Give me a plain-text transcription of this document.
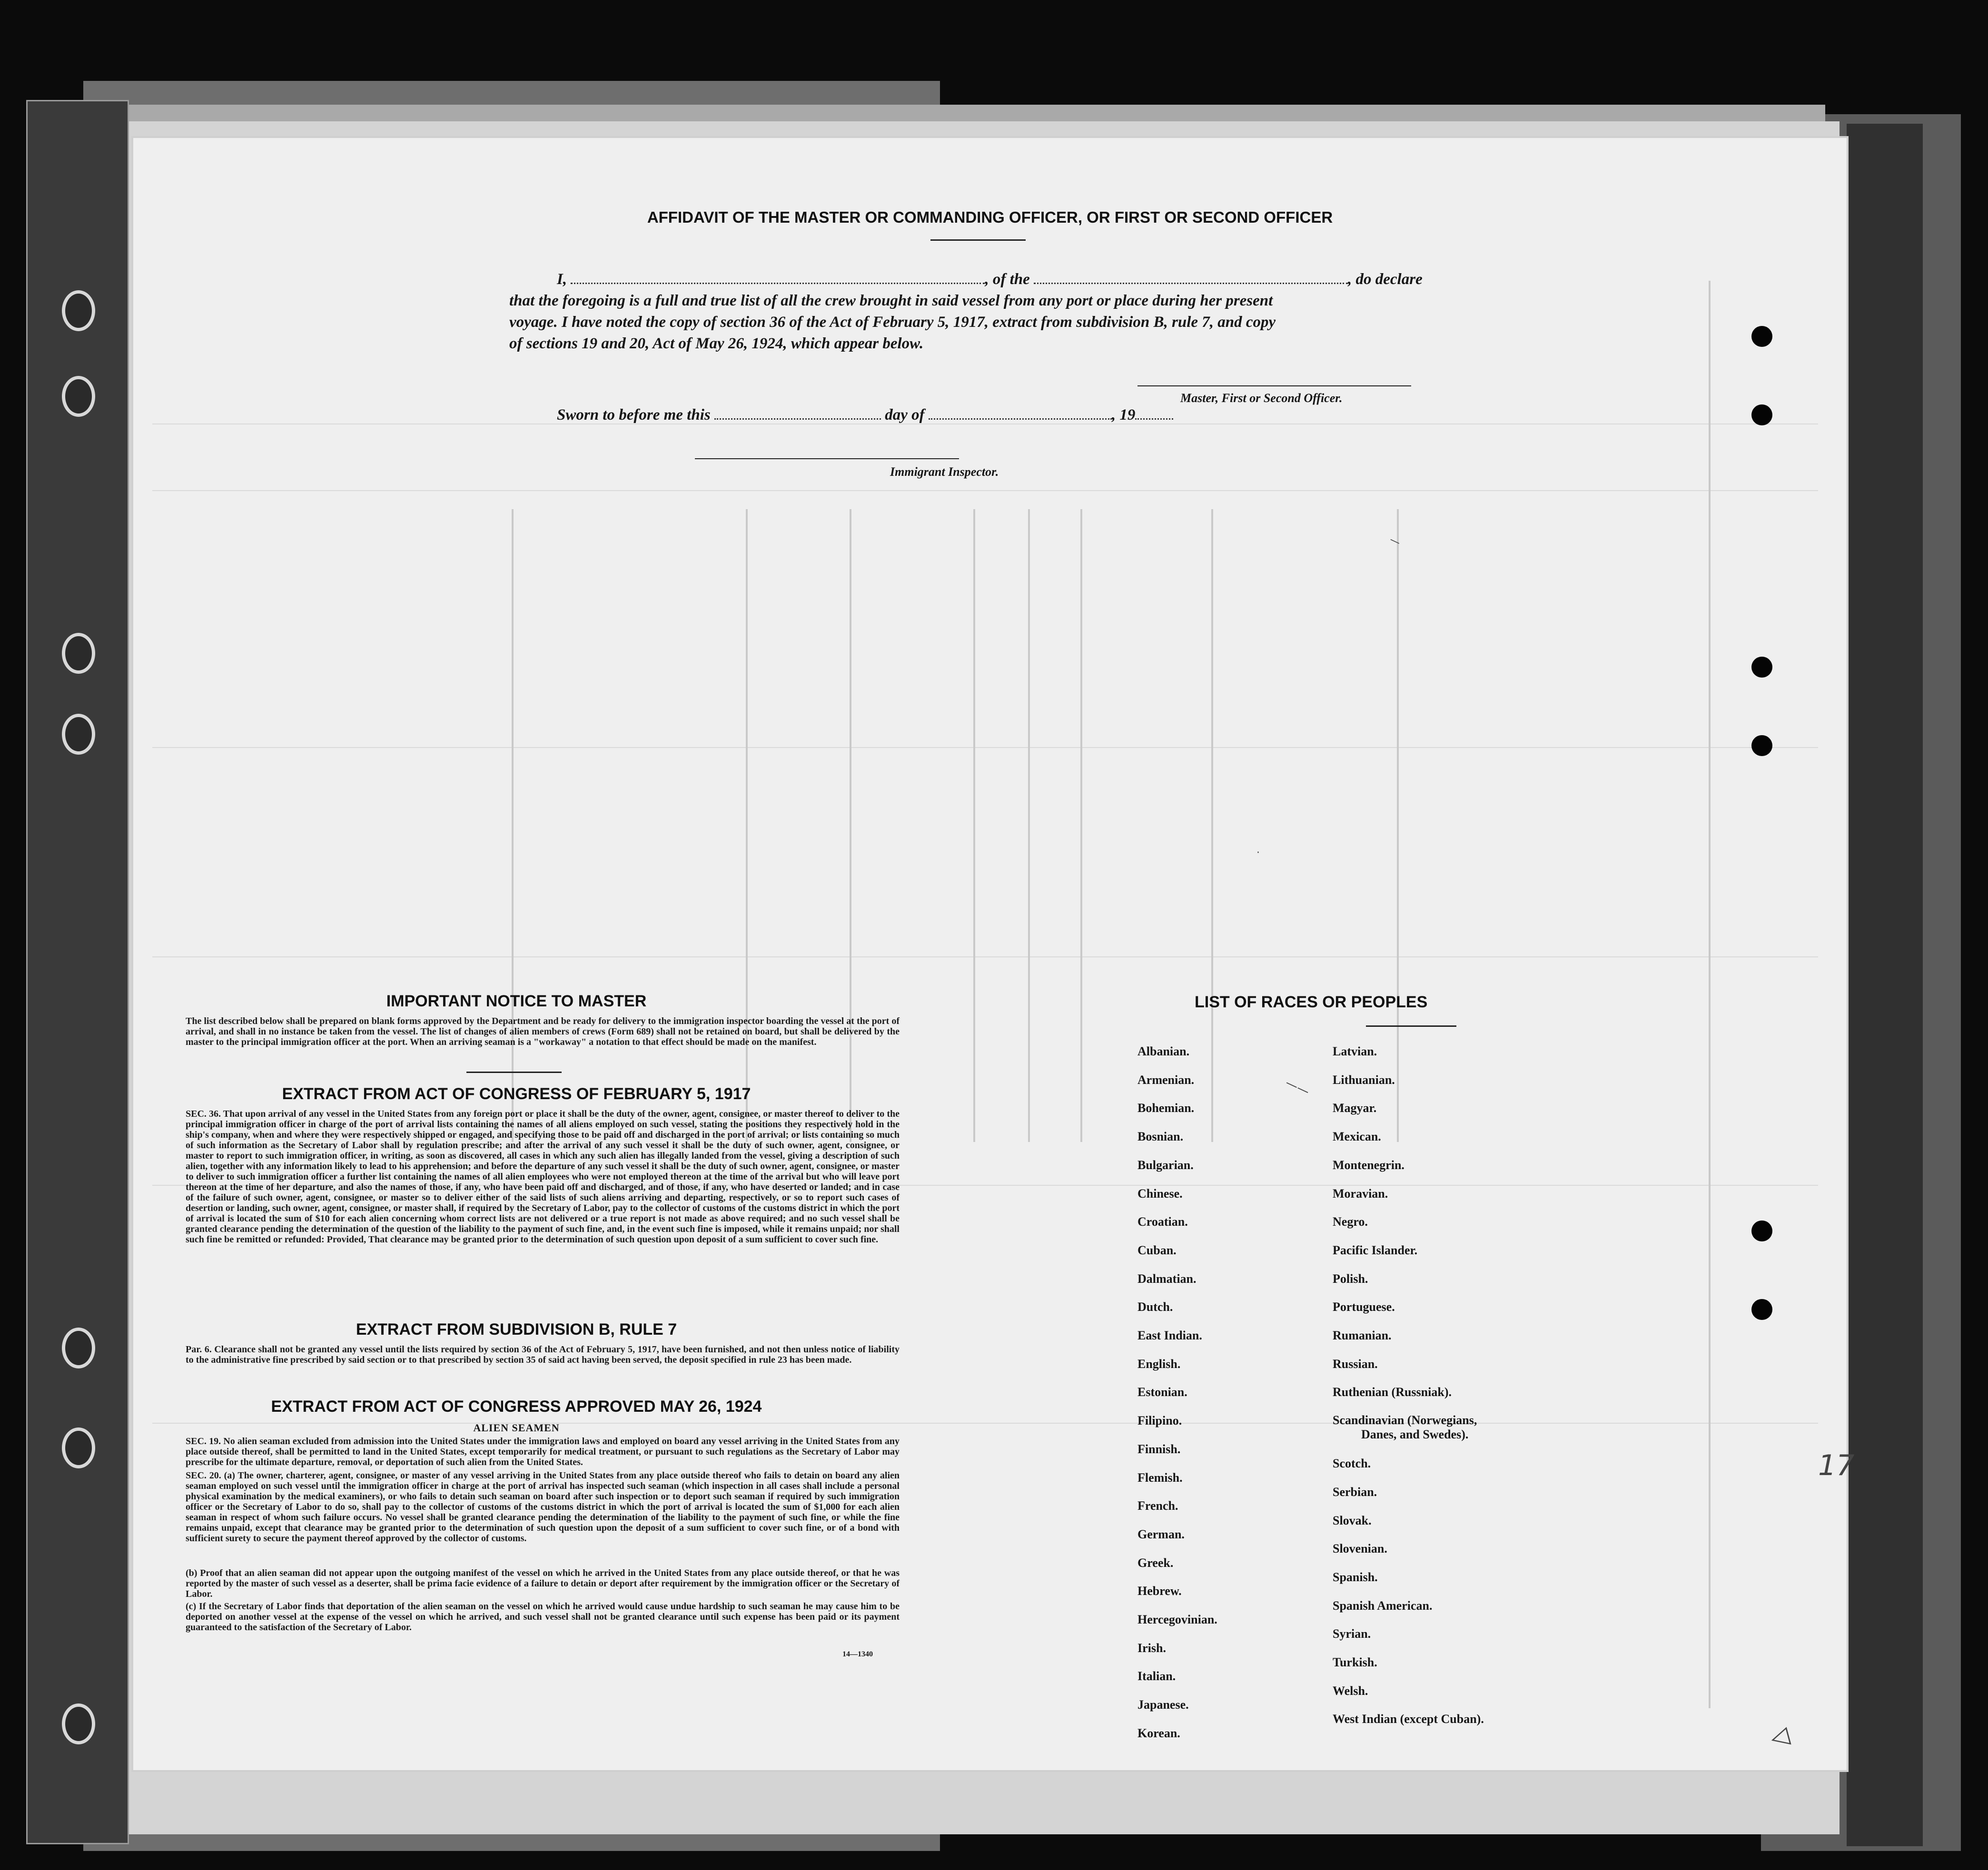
AFFIDAVIT OF THE MASTER OR COMMANDING OFFICER, OR FIRST OR SECOND OFFICER
I,	, of the	, do declare
that the foregoing is a full and true list of all the crew brought in said vessel from any port or place during her present
voyage. I have noted the copy of section 36 of the Act of February 5, 1917, extract from subdivision B, rule 7, and copy
of sections 19 and 20, Act of May 26, 1924, which appear below.
Master, First or Second Officer.
Sworn to before me this	day of	, 19
Immigrant Inspector.
—
·
——
IMPORTANT NOTICE TO MASTER
The list described below shall be prepared on blank forms approved by the Department and be ready for delivery to the immigration inspector boarding the vessel at the port of arrival, and shall in no instance be taken from the vessel. The list of changes of alien members of crews (Form 689) shall not be retained on board, but shall be delivered by the master to the principal immigration officer at the port. When an arriving seaman is a "workaway" a notation to that effect should be made on the manifest.
EXTRACT FROM ACT OF CONGRESS OF FEBRUARY 5, 1917
SEC. 36. That upon arrival of any vessel in the United States from any foreign port or place it shall be the duty of the owner, agent, consignee, or master thereof to deliver to the principal immigration officer in charge of the port of arrival lists containing the names of all aliens employed on such vessel, stating the positions they respectively hold in the ship's company, when and where they were respectively shipped or engaged, and specifying those to be paid off and discharged in the port of arrival; or lists containing so much of such information as the Secretary of Labor shall by regulation prescribe; and after the arrival of any such vessel it shall be the duty of such owner, agent, consignee, or master to report to such immigration officer, in writing, as soon as discovered, all cases in which any such alien has illegally landed from the vessel, giving a description of such alien, together with any information likely to lead to his apprehension; and before the departure of any such vessel it shall be the duty of such owner, agent, consignee, or master to deliver to such immigration officer a further list containing the names of all alien employees who were not employed thereon at the time of the arrival but who will leave port thereon at the time of her departure, and also the names of those, if any, who have been paid off and discharged, and of those, if any, who have deserted or landed; and in case of the failure of such owner, agent, consignee, or master so to deliver either of the said lists of such aliens arriving and departing, respectively, or so to report such cases of desertion or landing, such owner, agent, consignee, or master shall, if required by the Secretary of Labor, pay to the collector of customs of the customs district in which the port of arrival is located the sum of $10 for each alien concerning whom correct lists are not delivered or a true report is not made as above required; and no such vessel shall be granted clearance pending the determination of the question of the liability to the payment of such fine, and, in the event such fine is imposed, while it remains unpaid; nor shall such fine be remitted or refunded: Provided, That clearance may be granted prior to the determination of such question upon deposit of a sum sufficient to cover such fine.
EXTRACT FROM SUBDIVISION B, RULE 7
Par. 6. Clearance shall not be granted any vessel until the lists required by section 36 of the Act of February 5, 1917, have been furnished, and not then unless notice of liability to the administrative fine prescribed by said section or to that prescribed by section 35 of said act having been served, the deposit specified in rule 23 has been made.
EXTRACT FROM ACT OF CONGRESS APPROVED MAY 26, 1924
ALIEN SEAMEN
SEC. 19. No alien seaman excluded from admission into the United States under the immigration laws and employed on board any vessel arriving in the United States from any place outside thereof, shall be permitted to land in the United States, except temporarily for medical treatment, or pursuant to such regulations as the Secretary of Labor may prescribe for the ultimate departure, removal, or deportation of such alien from the United States.
SEC. 20. (a) The owner, charterer, agent, consignee, or master of any vessel arriving in the United States from any place outside thereof who fails to detain on board any alien seaman employed on such vessel until the immigration officer in charge at the port of arrival has inspected such seaman (which inspection in all cases shall include a personal physical examination by the medical examiners), or who fails to detain such seaman on board after such inspection or to deport such seaman if required by such immigration officer or the Secretary of Labor to do so, shall pay to the collector of customs of the customs district in which the port of arrival is located the sum of $1,000 for each alien seaman in respect of whom such failure occurs. No vessel shall be granted clearance pending the determination of the liability to the payment of such fine, or while the fine remains unpaid, except that clearance may be granted prior to the determination of such question upon the deposit of a sum sufficient to cover such fine, or of a bond with sufficient surety to secure the payment thereof approved by the collector of customs.
(b) Proof that an alien seaman did not appear upon the outgoing manifest of the vessel on which he arrived in the United States from any place outside thereof, or that he was reported by the master of such vessel as a deserter, shall be prima facie evidence of a failure to detain or deport after requirement by the immigration officer or the Secretary of Labor.
(c) If the Secretary of Labor finds that deportation of the alien seaman on the vessel on which he arrived would cause undue hardship to such seaman he may cause him to be deported on another vessel at the expense of the vessel on which he arrived, and such vessel shall not be granted clearance until such expense has been paid or its payment guaranteed to the satisfaction of the Secretary of Labor.
14—1340
LIST OF RACES OR PEOPLES
Albanian.
Armenian.
Bohemian.
Bosnian.
Bulgarian.
Chinese.
Croatian.
Cuban.
Dalmatian.
Dutch.
East Indian.
English.
Estonian.
Filipino.
Finnish.
Flemish.
French.
German.
Greek.
Hebrew.
Hercegovinian.
Irish.
Italian.
Japanese.
Korean.
Latvian.
Lithuanian.
Magyar.
Mexican.
Montenegrin.
Moravian.
Negro.
Pacific Islander.
Polish.
Portuguese.
Rumanian.
Russian.
Ruthenian (Russniak).
Scandinavian (Norwegians,
Danes, and Swedes).
Scotch.
Serbian.
Slovak.
Slovenian.
Spanish.
Spanish American.
Syrian.
Turkish.
Welsh.
West Indian (except Cuban).
17
◁
